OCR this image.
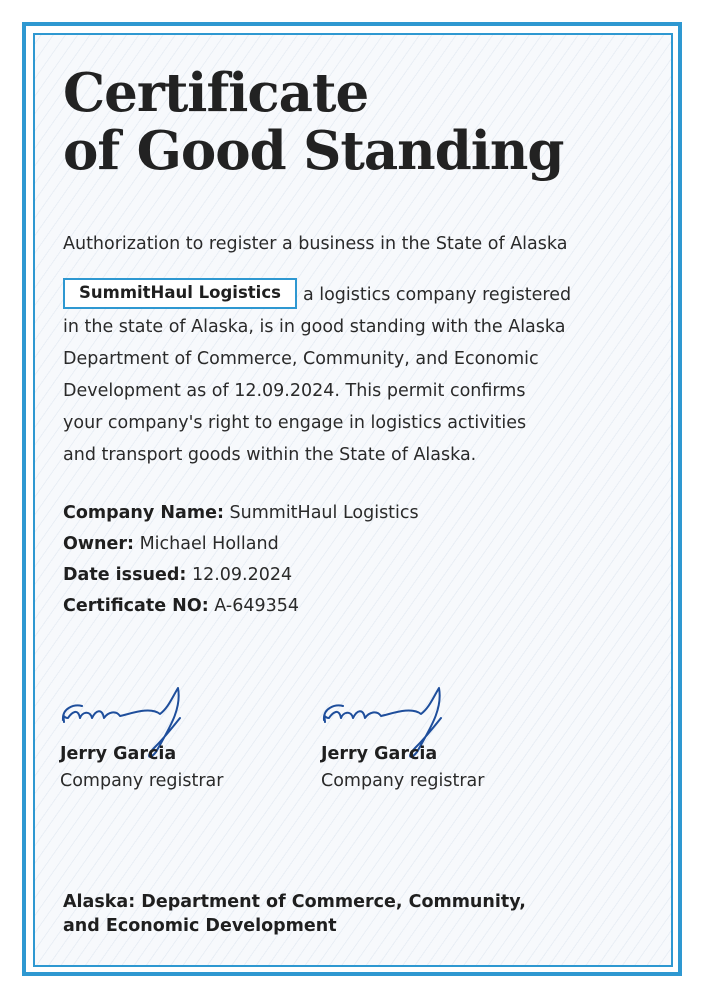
Certificate
of Good Standing

Authorization to register a business in the State of Alaska

SummitHaul Logistics a logistics company registered
in the state of Alaska, is in good standing with the Alaska
Department of Commerce, Community, and Economic
Development as of 12.09.2024. This permit confirms
your company's right to engage in logistics activities
and transport goods within the State of Alaska.
Company Name: SummitHaul Logistics
Owner: Michael Holland
Date issued: 12.09.2024
Certificate NO: A-649354
Jerry Garcia
Company registrar
Jerry Garcia
Company registrar
Alaska: Department of Commerce, Community,
and Economic Development
